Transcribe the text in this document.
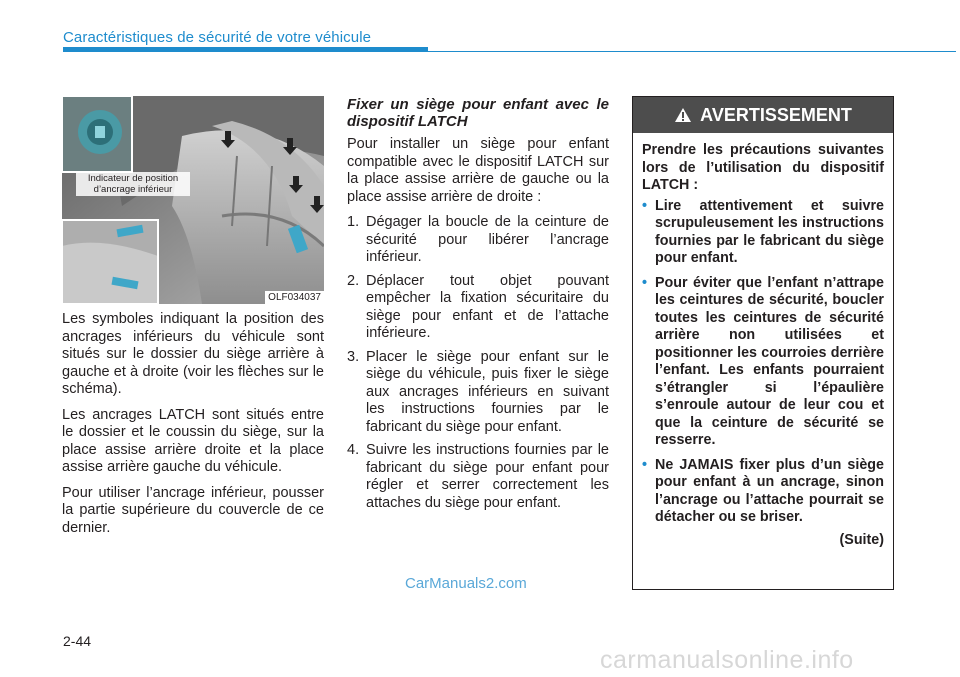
Caractéristiques de sécurité de votre véhicule
Indicateur de position
d’ancrage inférieur
OLF034037

Les symboles indiquant la position des ancrages inférieurs du véhicule sont situés sur le dossier du siège arrière à gauche et à droite (voir les flèches sur le schéma).

Les ancrages LATCH sont situés entre le dossier et le coussin du siège, sur la place assise arrière droite et la place assise arrière gauche du véhicule.

Pour utiliser l’ancrage inférieur, pousser la partie supérieure du couvercle de ce dernier.

Fixer un siège pour enfant avec le dispositif LATCH

Pour installer un siège pour enfant compatible avec le dispositif LATCH sur la place assise arrière de gauche ou la place assise arrière de droite :

1. Dégager la boucle de la ceinture de sécurité pour libérer l’ancrage inférieur.
2. Déplacer tout objet pouvant empêcher la fixation sécuritaire du siège pour enfant et de l’attache inférieure.
3. Placer le siège pour enfant sur le siège du véhicule, puis fixer le siège aux ancrages inférieurs en suivant les instructions fournies par le fabricant du siège pour enfant.
4. Suivre les instructions fournies par le fabricant du siège pour enfant pour régler et serrer correctement les attaches du siège pour enfant.
AVERTISSEMENT

Prendre les précautions suivantes lors de l’utilisation du dispositif LATCH :

• Lire attentivement et suivre scrupuleusement les instructions fournies par le fabricant du siège pour enfant.
• Pour éviter que l’enfant n’attrape les ceintures de sécurité, boucler toutes les ceintures de sécurité arrière non utilisées et positionner les courroies derrière l’enfant. Les enfants pourraient s’étrangler si l’épaulière s’enroule autour de leur cou et que la ceinture de sécurité se resserre.
• Ne JAMAIS fixer plus d’un siège pour enfant à un ancrage, sinon l’ancrage ou l’attache pourrait se détacher ou se briser.
(Suite)
CarManuals2.com
2-44
carmanualsonline.info
